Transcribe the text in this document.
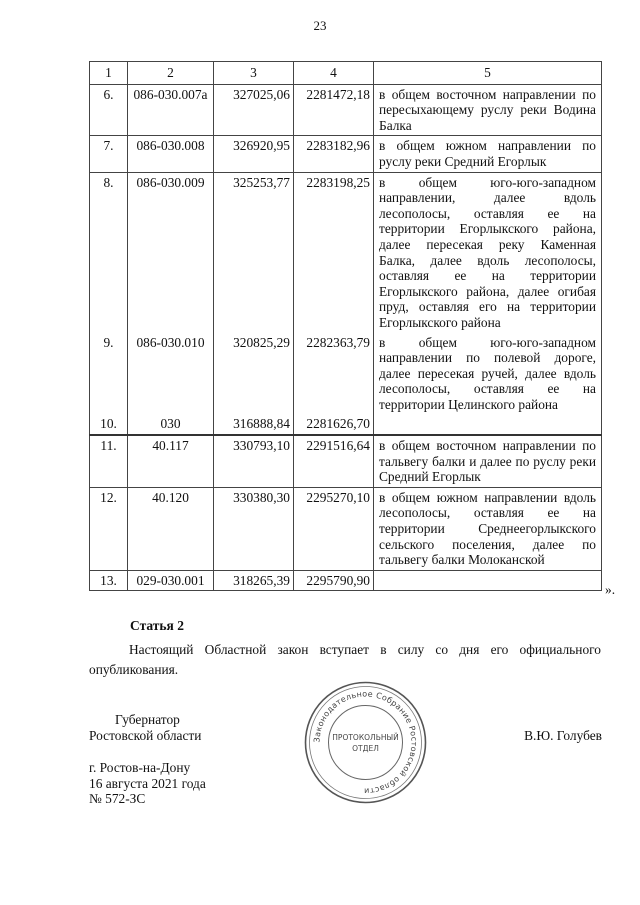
23
1	2	3	4	5
6.	086-030.007а	327025,06	2281472,18	в общем восточном направлении по пересыхающему руслу реки Водина Балка
7.	086-030.008	326920,95	2283182,96	в общем южном направлении по руслу реки Средний Егорлык
8.	086-030.009	325253,77	2283198,25	в общем юго-юго-западном направлении, далее вдоль лесополосы, оставляя ее на территории Егорлыкского района, далее пересекая реку Каменная Балка, далее вдоль лесополосы, оставляя ее на территории Егорлыкского района, далее огибая пруд, оставляя его на территории Егорлыкского района
9.	086-030.010	320825,29	2282363,79	в общем юго-юго-западном направлении по полевой дороге, далее пересекая ручей, далее вдоль лесополосы, оставляя ее на территории Целинского района
10.	030	316888,84	2281626,70	
11.	40.117	330793,10	2291516,64	в общем восточном направлении по тальвегу балки и далее по руслу реки Средний Егорлык
12.	40.120	330380,30	2295270,10	в общем южном направлении вдоль лесополосы, оставляя ее на территории Среднеегорлыкского сельского поселения, далее по тальвегу балки Молоканской
13.	029-030.001	318265,39	2295790,90	
».
Статья 2
Настоящий Областной закон вступает в силу со дня его официального опубликования.
Губернатор
Ростовской области	В.Ю. Голубев
г. Ростов-на-Дону
16 августа 2021 года
№ 572-ЗС
Законодательное Собрание Ростовской области
ПРОТОКОЛЬНЫЙ
ОТДЕЛ
